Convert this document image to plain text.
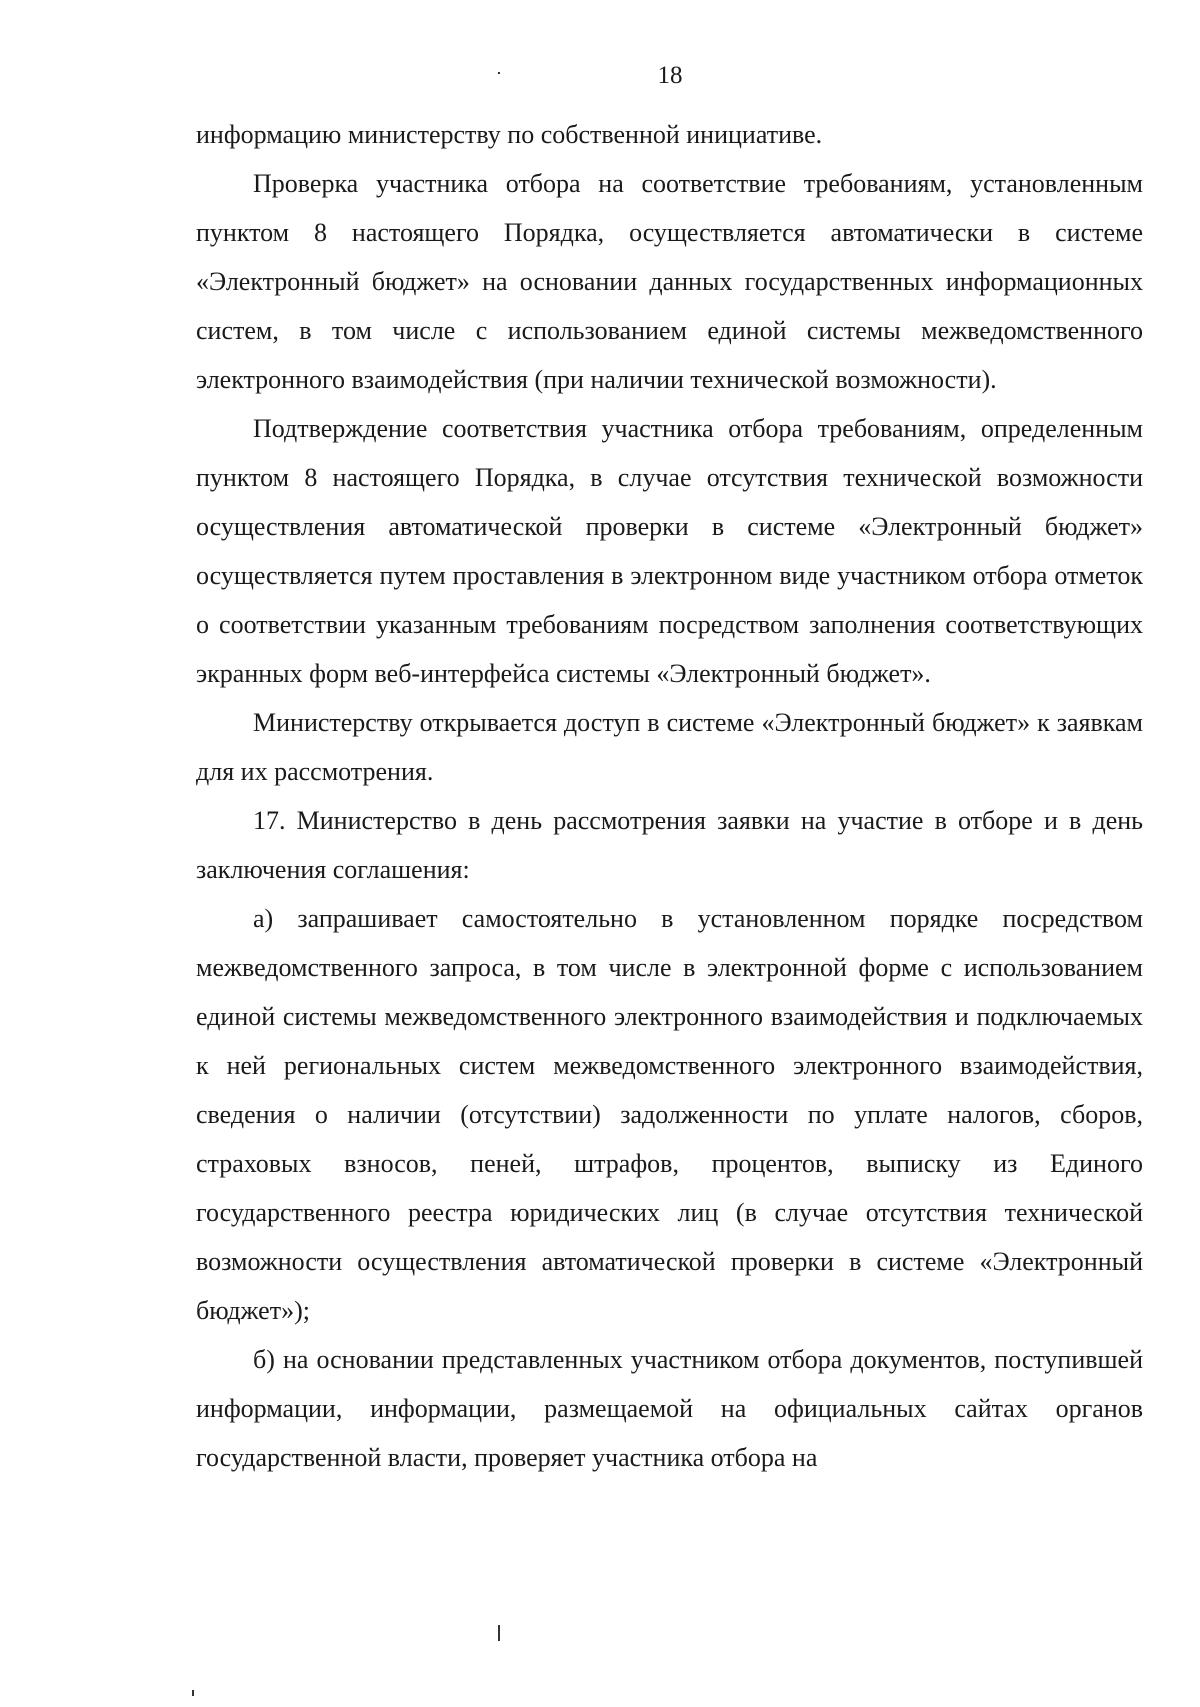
18

информацию министерству по собственной инициативе.

Проверка участника отбора на соответствие требованиям, установленным пунктом 8 настоящего Порядка, осуществляется автоматически в системе «Электронный бюджет» на основании данных государственных информационных систем, в том числе с использованием единой системы межведомственного электронного взаимодействия (при наличии технической возможности).

Подтверждение соответствия участника отбора требованиям, определенным пунктом 8 настоящего Порядка, в случае отсутствия технической возможности осуществления автоматической проверки в системе «Электронный бюджет» осуществляется путем проставления в электронном виде участником отбора отметок о соответствии указанным требованиям посредством заполнения соответствующих экранных форм веб-интерфейса системы «Электронный бюджет».

Министерству открывается доступ в системе «Электронный бюджет» к заявкам для их рассмотрения.

17. Министерство в день рассмотрения заявки на участие в отборе и в день заключения соглашения:

а) запрашивает самостоятельно в установленном порядке посредством межведомственного запроса, в том числе в электронной форме с использованием единой системы межведомственного электронного взаимодействия и подключаемых к ней региональных систем межведомственного электронного взаимодействия, сведения о наличии (отсутствии) задолженности по уплате налогов, сборов, страховых взносов, пеней, штрафов, процентов, выписку из Единого государственного реестра юридических лиц (в случае отсутствия технической возможности осуществления автоматической проверки в системе «Электронный бюджет»);

б) на основании представленных участником отбора документов, поступившей информации, информации, размещаемой на официальных сайтах органов государственной власти, проверяет участника отбора на
